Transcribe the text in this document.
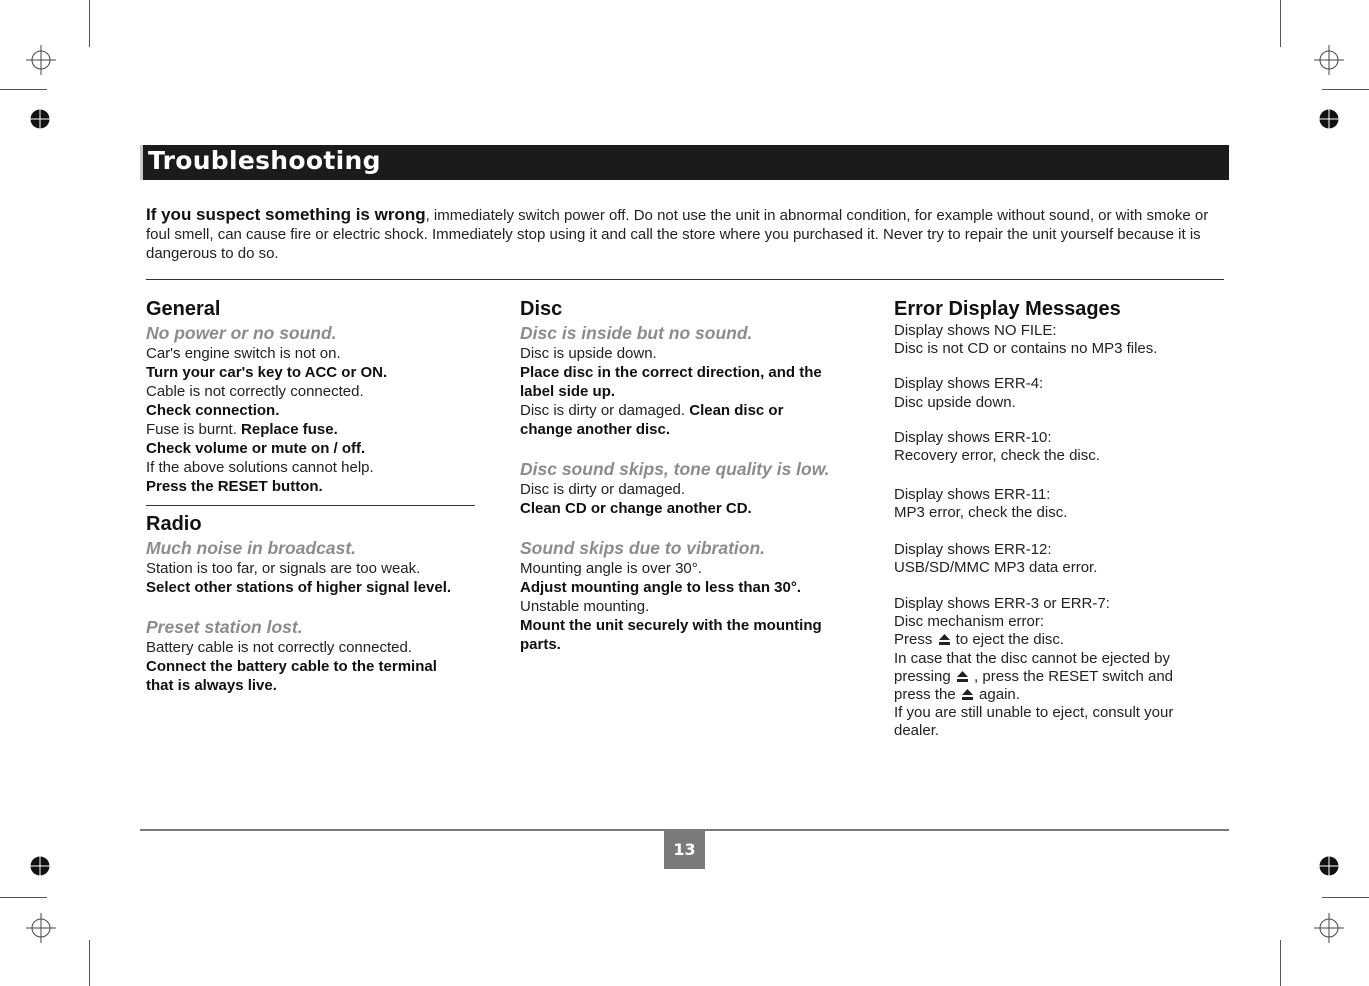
Troubleshooting
If you suspect something is wrong, immediately switch power off. Do not use the unit in abnormal condition, for example without sound, or with smoke or foul smell, can cause fire or electric shock. Immediately stop using it and call the store where you purchased it. Never try to repair the unit yourself because it is dangerous to do so.
General
No power or no sound.
Car's engine switch is not on.
Turn your car's key to ACC or ON.
Cable is not correctly connected.
Check connection.
Fuse is burnt. Replace fuse.
Check volume or mute on / off.
If the above solutions cannot help.
Press the RESET button.
Radio
Much noise in broadcast.
Station is too far, or signals are too weak.
Select other stations of higher signal level.
Preset station lost.
Battery cable is not correctly connected.
Connect the battery cable to the terminal
that is always live.
Disc
Disc is inside but no sound.
Disc is upside down.
Place disc in the correct direction, and the
label side up.
Disc is dirty or damaged. Clean disc or
change another disc.
Disc sound skips, tone quality is low.
Disc is dirty or damaged.
Clean CD or change another CD.
Sound skips due to vibration.
Mounting angle is over 30°.
Adjust mounting angle to less than 30°.
Unstable mounting.
Mount the unit securely with the mounting
parts.
Error Display Messages
Display shows NO FILE:
Disc is not CD or contains no MP3 files.
Display shows ERR-4:
Disc upside down.
Display shows ERR-10:
Recovery error, check the disc.
Display shows ERR-11:
MP3 error, check the disc.
Display shows ERR-12:
USB/SD/MMC MP3 data error.
Display shows ERR-3 or ERR-7:
Disc mechanism error:
Press  to eject the disc.
In case that the disc cannot be ejected by
pressing  , press the RESET switch and
press the  again.
If you are still unable to eject, consult your
dealer.
13
